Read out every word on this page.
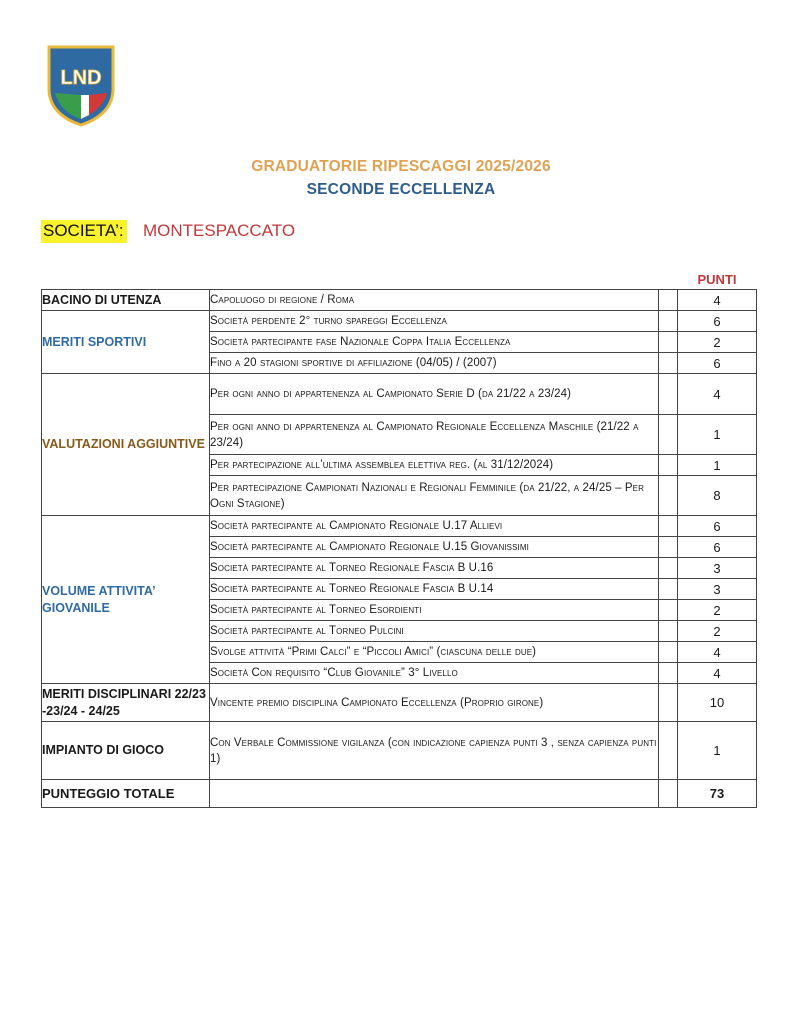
LND
GRADUATORIE RIPESCAGGI 2025/2026
SECONDE ECCELLENZA
SOCIETA’: MONTESPACCATO
PUNTI
BACINO DI UTENZA	Capoluogo di regione / Roma		4
MERITI SPORTIVI	Società perdente 2° turno spareggi Eccellenza		6
	Società partecipante fase Nazionale Coppa Italia Eccellenza		2
	Fino a 20 stagioni sportive di affiliazione (04/05) / (2007)		6
VALUTAZIONI AGGIUNTIVE	Per ogni anno di appartenenza al Campionato Serie D (da 21/22 a 23/24)		4
	Per ogni anno di appartenenza al Campionato Regionale Eccellenza Maschile (21/22 a 23/24)		1
	Per partecipazione all’ultima assemblea elettiva reg. (al 31/12/2024)		1
	Per partecipazione Campionati Nazionali e Regionali Femminile (da 21/22, a 24/25 – Per Ogni Stagione)		8
VOLUME ATTIVITA’ GIOVANILE	Società partecipante al Campionato Regionale U.17 Allievi		6
	Società partecipante al Campionato Regionale U.15 Giovanissimi		6
	Società partecipante al Torneo Regionale Fascia B U.16		3
	Società partecipante al Torneo Regionale Fascia B U.14		3
	Società partecipante al Torneo Esordienti		2
	Società partecipante al Torneo Pulcini		2
	Svolge attività “Primi Calci” e “Piccoli Amici” (ciascuna delle due)		4
	Società Con requisito “Club Giovanile” 3° Livello		4
MERITI DISCIPLINARI 22/23 -23/24 - 24/25	Vincente premio disciplina Campionato Eccellenza (Proprio girone)		10
IMPIANTO DI GIOCO	Con Verbale Commissione vigilanza (con indicazione capienza punti 3 , senza capienza punti 1)		1
PUNTEGGIO TOTALE			73
